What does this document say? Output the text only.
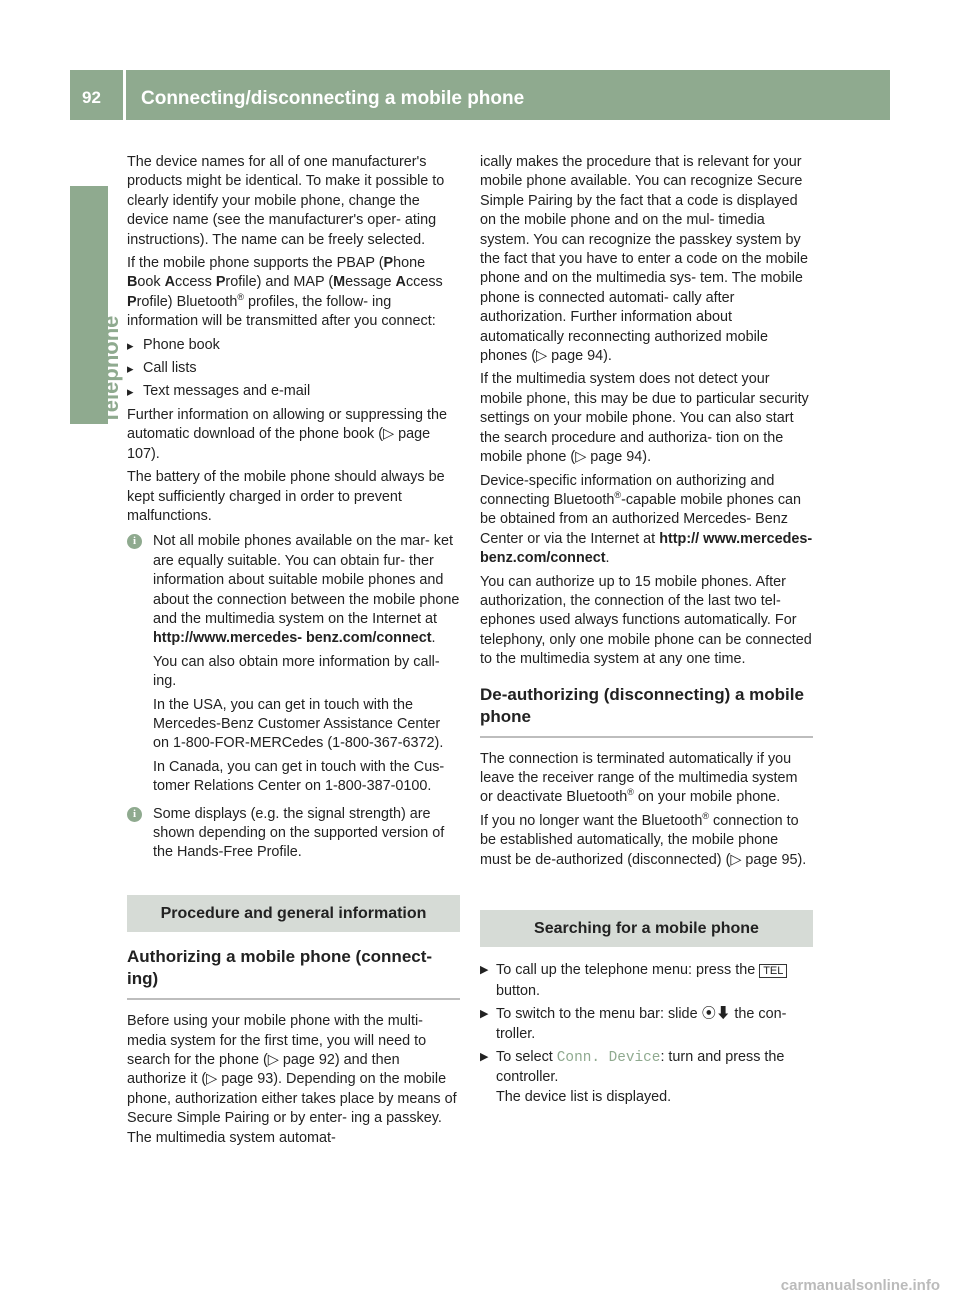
92 Connecting/disconnecting a mobile phone
Telephone

The device names for all of one manufacturer's products might be identical. To make it possible to clearly identify your mobile phone, change the device name (see the manufacturer's oper- ating instructions). The name can be freely selected.

If the mobile phone supports the PBAP (Phone Book Access Profile) and MAP (Message Access Profile) Bluetooth® profiles, the follow- ing information will be transmitted after you connect:

▸ Phone book
▸ Call lists
▸ Text messages and e-mail

Further information on allowing or suppressing the automatic download of the phone book (▷ page 107).

The battery of the mobile phone should always be kept sufficiently charged in order to prevent malfunctions.

i	Not all mobile phones available on the mar- ket are equally suitable. You can obtain fur- ther information about suitable mobile phones and about the connection between the mobile phone and the multimedia system on the Internet at http://www.mercedes- benz.com/connect.

You can also obtain more information by call- ing.

In the USA, you can get in touch with the Mercedes-Benz Customer Assistance Center on 1-800-FOR-MERCedes (1-800-367-6372).

In Canada, you can get in touch with the Cus- tomer Relations Center on 1-800-387-0100.

i	Some displays (e.g. the signal strength) are shown depending on the supported version of the Hands-Free Profile.

Procedure and general information
Authorizing a mobile phone (connect- ing)

Before using your mobile phone with the multi- media system for the first time, you will need to search for the phone (▷ page 92) and then authorize it (▷ page 93). Depending on the mobile phone, authorization either takes place by means of Secure Simple Pairing or by enter- ing a passkey. The multimedia system automat-

ically makes the procedure that is relevant for your mobile phone available. You can recognize Secure Simple Pairing by the fact that a code is displayed on the mobile phone and on the mul- timedia system. You can recognize the passkey system by the fact that you have to enter a code on the mobile phone and on the multimedia sys- tem. The mobile phone is connected automati- cally after authorization. Further information about automatically reconnecting authorized mobile phones (▷ page 94).

If the multimedia system does not detect your mobile phone, this may be due to particular security settings on your mobile phone. You can also start the search procedure and authoriza- tion on the mobile phone (▷ page 94).

Device-specific information on authorizing and connecting Bluetooth®-capable mobile phones can be obtained from an authorized Mercedes- Benz Center or via the Internet at http:// www.mercedes-benz.com/connect.

You can authorize up to 15 mobile phones. After authorization, the connection of the last two tel- ephones used always functions automatically. For telephony, only one mobile phone can be connected to the multimedia system at any one time.

De-authorizing (disconnecting) a mobile phone

The connection is terminated automatically if you leave the receiver range of the multimedia system or deactivate Bluetooth® on your mobile phone.

If you no longer want the Bluetooth® connection to be established automatically, the mobile phone must be de-authorized (disconnected) (▷ page 95).

Searching for a mobile phone
▶ To call up the telephone menu: press the TEL button.
▶ To switch to the menu bar: slide ⦿⬇ the con- troller.
▶ To select Conn. Device: turn and press the controller.
The device list is displayed.
carmanualsonline.info
